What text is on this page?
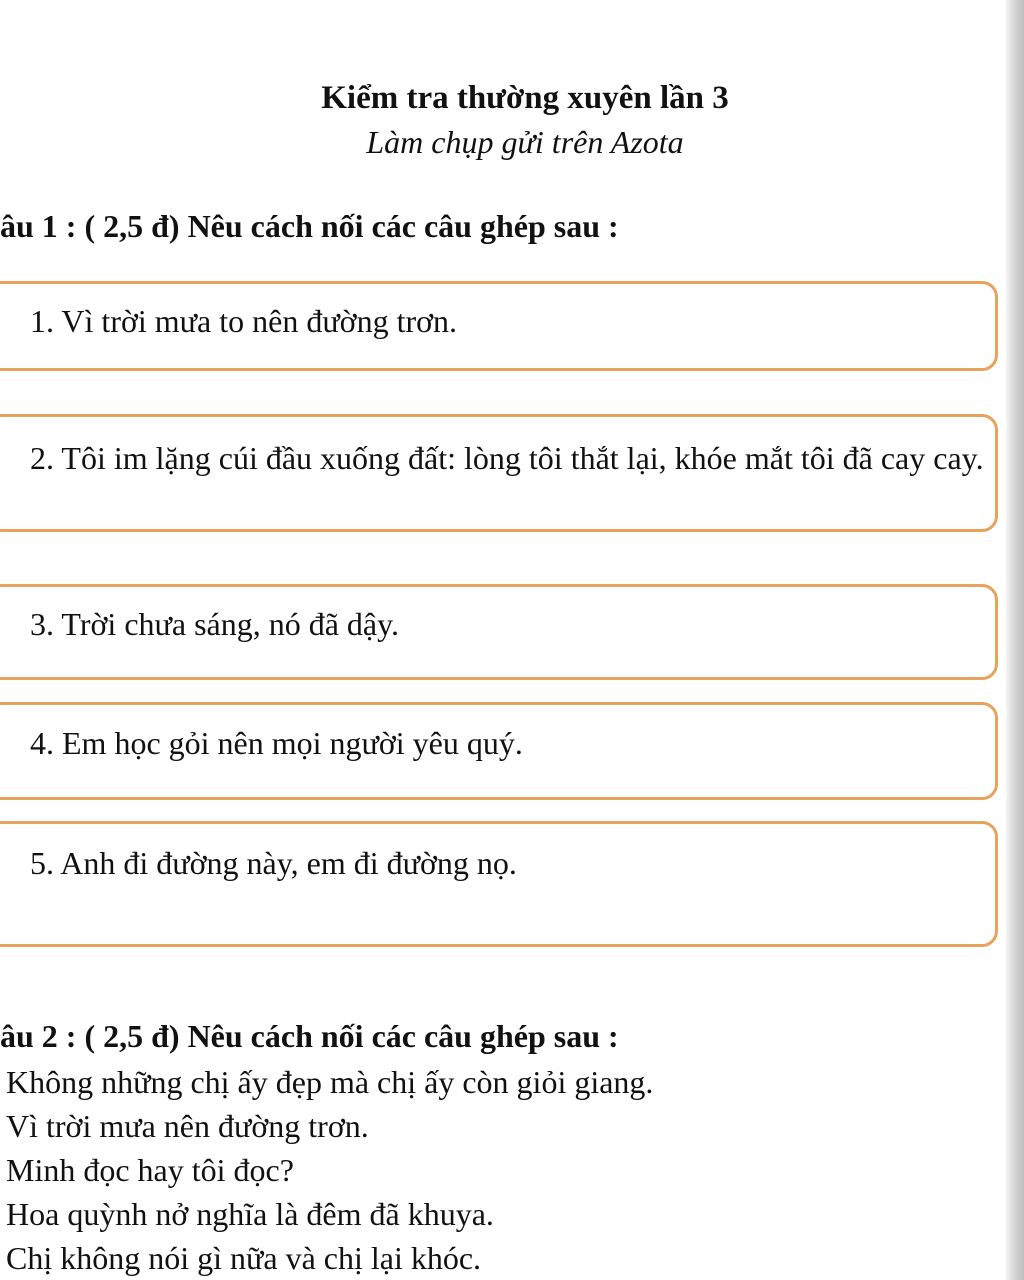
Kiểm tra thường xuyên lần 3

Làm chụp gửi trên Azota

âu 1 : ( 2,5 đ) Nêu cách nối các câu ghép sau :

1. Vì trời mưa to nên đường trơn.

2. Tôi im lặng cúi đầu xuống đất: lòng tôi thắt lại, khóe mắt tôi đã cay cay.

3. Trời chưa sáng, nó đã dậy.

4. Em học gỏi nên mọi người yêu quý.

5. Anh đi đường này, em đi đường nọ.

âu 2 : ( 2,5 đ) Nêu cách nối các câu ghép sau :
Không những chị ấy đẹp mà chị ấy còn giỏi giang.
Vì trời mưa nên đường trơn.
Minh đọc hay tôi đọc?
Hoa quỳnh nở nghĩa là đêm đã khuya.
Chị không nói gì nữa và chị lại khóc.
